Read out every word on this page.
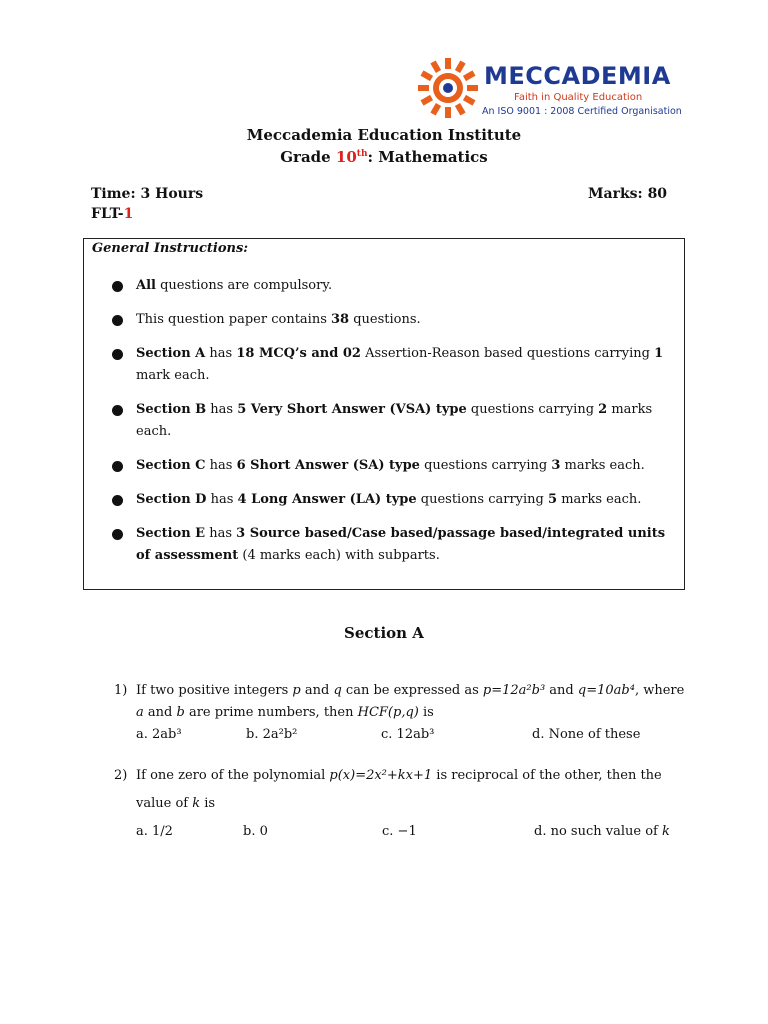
MECCADEMIA
Faith in Quality Education
An ISO 9001 : 2008 Certified Organisation
Meccademia Education Institute
Grade 10th: Mathematics
Time: 3 Hours	Marks: 80
FLT-1
General Instructions:
All questions are compulsory.
This question paper contains 38 questions.
Section A has 18 MCQ’s and 02 Assertion-Reason based questions carrying 1 mark each.
Section B has 5 Very Short Answer (VSA) type questions carrying 2 marks each.
Section C has 6 Short Answer (SA) type questions carrying 3 marks each.
Section D has 4 Long Answer (LA) type questions carrying 5 marks each.
Section E has 3 Source based/Case based/passage based/integrated units of assessment (4 marks each) with subparts.
Section A
1) If two positive integers p and q can be expressed as p=12a²b³ and q=10ab⁴, where
a and b are prime numbers, then HCF(p,q) is
a. 2ab³	b. 2a²b²	c. 12ab³	d. None of these
2) If one zero of the polynomial p(x)=2x²+kx+1 is reciprocal of the other, then the
value of k is
a. 1/2	b. 0	c. −1	d. no such value of k
